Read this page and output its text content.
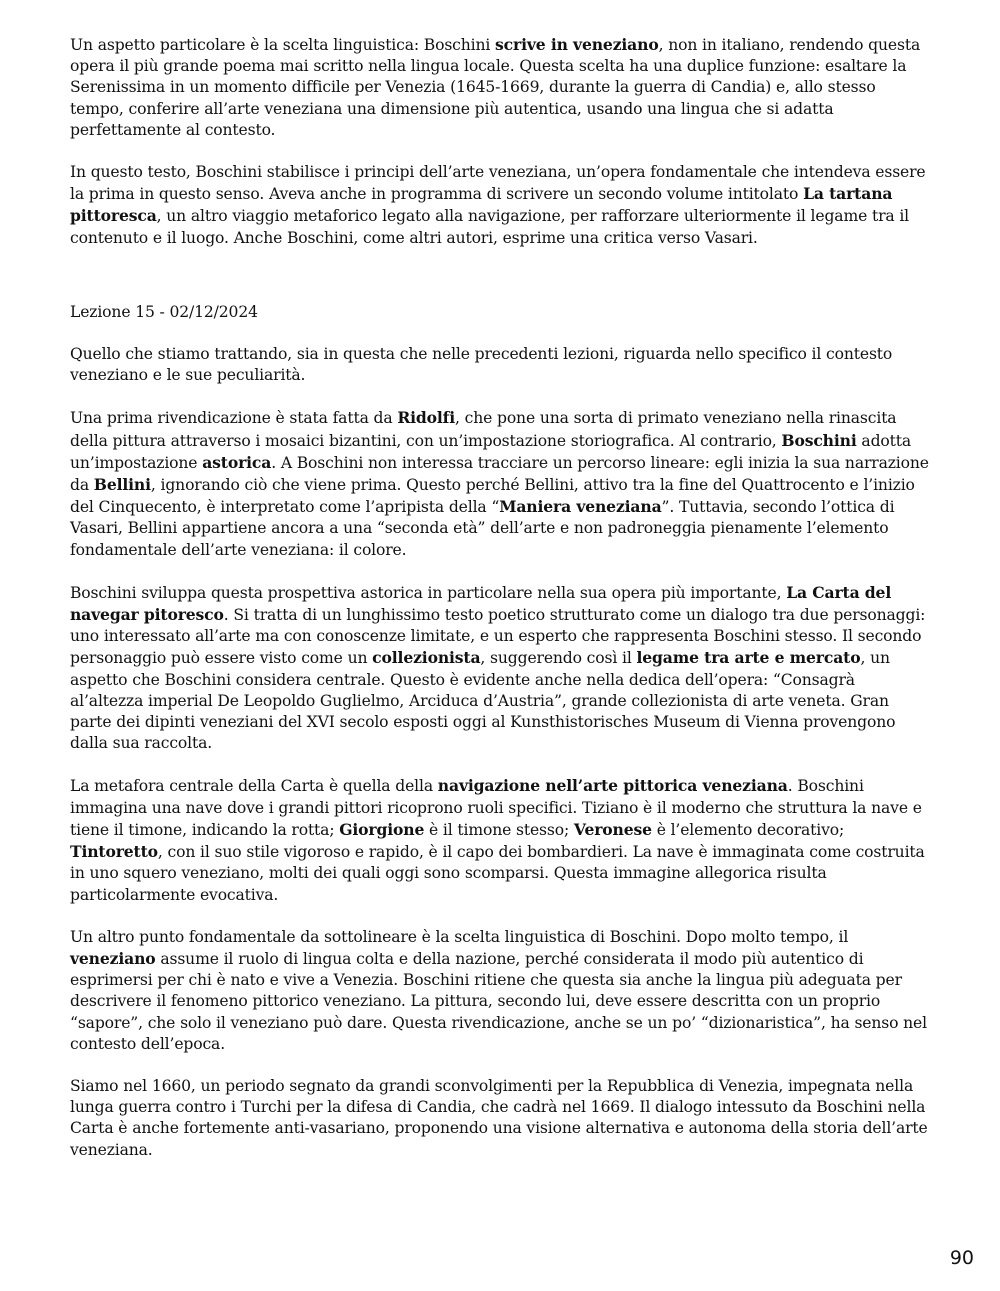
Un aspetto particolare è la scelta linguistica: Boschini scrive in veneziano, non in italiano, rendendo questa opera il più grande poema mai scritto nella lingua locale. Questa scelta ha una duplice funzione: esaltare la Serenissima in un momento difficile per Venezia (1645-1669, durante la guerra di Candia) e, allo stesso tempo, conferire all’arte veneziana una dimensione più autentica, usando una lingua che si adatta perfettamente al contesto.

In questo testo, Boschini stabilisce i principi dell’arte veneziana, un’opera fondamentale che intendeva essere la prima in questo senso. Aveva anche in programma di scrivere un secondo volume intitolato La tartana pittoresca, un altro viaggio metaforico legato alla navigazione, per rafforzare ulteriormente il legame tra il contenuto e il luogo. Anche Boschini, come altri autori, esprime una critica verso Vasari.

Lezione 15 - 02/12/2024

Quello che stiamo trattando, sia in questa che nelle precedenti lezioni, riguarda nello specifico il contesto veneziano e le sue peculiarità.

Una prima rivendicazione è stata fatta da Ridolfi, che pone una sorta di primato veneziano nella rinascita della pittura attraverso i mosaici bizantini, con un’impostazione storiografica. Al contrario, Boschini adotta un’impostazione astorica. A Boschini non interessa tracciare un percorso lineare: egli inizia la sua narrazione da Bellini, ignorando ciò che viene prima. Questo perché Bellini, attivo tra la fine del Quattrocento e l’inizio del Cinquecento, è interpretato come l’apripista della “Maniera veneziana”. Tuttavia, secondo l’ottica di Vasari, Bellini appartiene ancora a una “seconda età” dell’arte e non padroneggia pienamente l’elemento fondamentale dell’arte veneziana: il colore.

Boschini sviluppa questa prospettiva astorica in particolare nella sua opera più importante, La Carta del navegar pitoresco. Si tratta di un lunghissimo testo poetico strutturato come un dialogo tra due personaggi: uno interessato all’arte ma con conoscenze limitate, e un esperto che rappresenta Boschini stesso. Il secondo personaggio può essere visto come un collezionista, suggerendo così il legame tra arte e mercato, un aspetto che Boschini considera centrale. Questo è evidente anche nella dedica dell’opera: “Consagrà al’altezza imperial De Leopoldo Guglielmo, Arciduca d’Austria”, grande collezionista di arte veneta. Gran parte dei dipinti veneziani del XVI secolo esposti oggi al Kunsthistorisches Museum di Vienna provengono dalla sua raccolta.

La metafora centrale della Carta è quella della navigazione nell’arte pittorica veneziana. Boschini immagina una nave dove i grandi pittori ricoprono ruoli specifici. Tiziano è il moderno che struttura la nave e tiene il timone, indicando la rotta; Giorgione è il timone stesso; Veronese è l’elemento decorativo; Tintoretto, con il suo stile vigoroso e rapido, è il capo dei bombardieri. La nave è immaginata come costruita in uno squero veneziano, molti dei quali oggi sono scomparsi. Questa immagine allegorica risulta particolarmente evocativa.

Un altro punto fondamentale da sottolineare è la scelta linguistica di Boschini. Dopo molto tempo, il veneziano assume il ruolo di lingua colta e della nazione, perché considerata il modo più autentico di esprimersi per chi è nato e vive a Venezia. Boschini ritiene che questa sia anche la lingua più adeguata per descrivere il fenomeno pittorico veneziano. La pittura, secondo lui, deve essere descritta con un proprio “sapore”, che solo il veneziano può dare. Questa rivendicazione, anche se un po’ “dizionaristica”, ha senso nel contesto dell’epoca.

Siamo nel 1660, un periodo segnato da grandi sconvolgimenti per la Repubblica di Venezia, impegnata nella lunga guerra contro i Turchi per la difesa di Candia, che cadrà nel 1669. Il dialogo intessuto da Boschini nella Carta è anche fortemente anti-vasariano, proponendo una visione alternativa e autonoma della storia dell’arte veneziana.

90
